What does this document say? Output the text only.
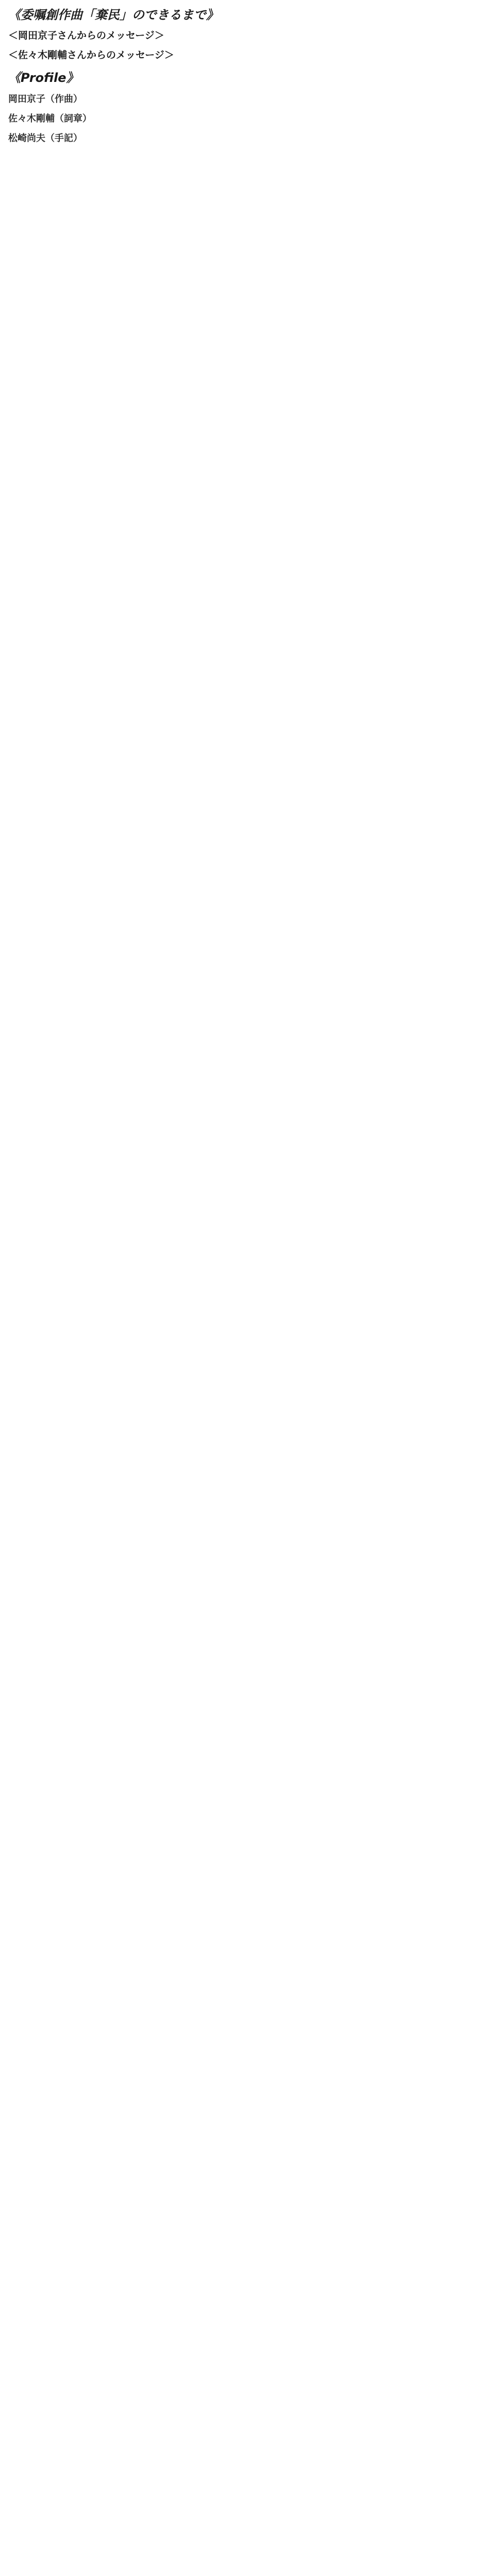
《委嘱創作曲「棄民」のできるまで》

＜岡田京子さんからのメッセージ＞

＜佐々木剛輔さんからのメッセージ＞

《Profile》
岡田京子（作曲）

佐々木剛輔（詞章）

松崎尚夫（手記）
